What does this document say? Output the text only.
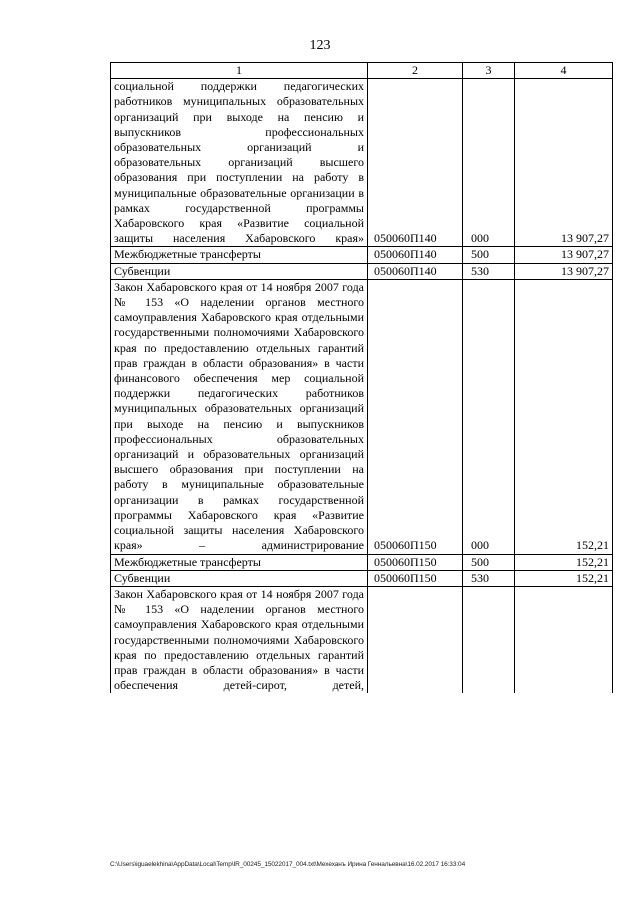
123
1	2	3	4

социальной поддержки педагогических работников муниципальных образовательных организаций при выходе на пенсию и выпускников профессиональных образовательных организаций и образовательных организаций высшего образования при поступлении на работу в муниципальные образовательные организации в рамках государственной программы Хабаровского края «Развитие социальной защиты населения Хабаровского края»	050060П140	000	13 907,27
Межбюджетные трансферты	050060П140	500	13 907,27
Субвенции	050060П140	530	13 907,27

Закон Хабаровского края от 14 ноября 2007 года № 153 «О наделении органов местного самоуправления Хабаровского края отдельными государственными полномочиями Хабаровского края по предоставлению отдельных гарантий прав граждан в области образования» в части финансового обеспечения мер социальной поддержки педагогических работников муниципальных образовательных организаций при выходе на пенсию и выпускников профессиональных образовательных организаций и образовательных организаций высшего образования при поступлении на работу в муниципальные образовательные организации в рамках государственной программы Хабаровского края «Развитие социальной защиты населения Хабаровского края» – администрирование	050060П150	000	152,21
Межбюджетные трансферты	050060П150	500	152,21
Субвенции	050060П150	530	152,21

Закон Хабаровского края от 14 ноября 2007 года № 153 «О наделении органов местного самоуправления Хабаровского края отдельными государственными полномочиями Хабаровского края по предоставлению отдельных гарантий прав граждан в области образования» в части обеспечения детей-сирот, детей,			

C:\Users\iguaelekhina\AppData\Local\Temp\IR_00245_15022017_004.txt\Мехеханъ Ирина Геннальевна\16.02.2017 16:33:04
